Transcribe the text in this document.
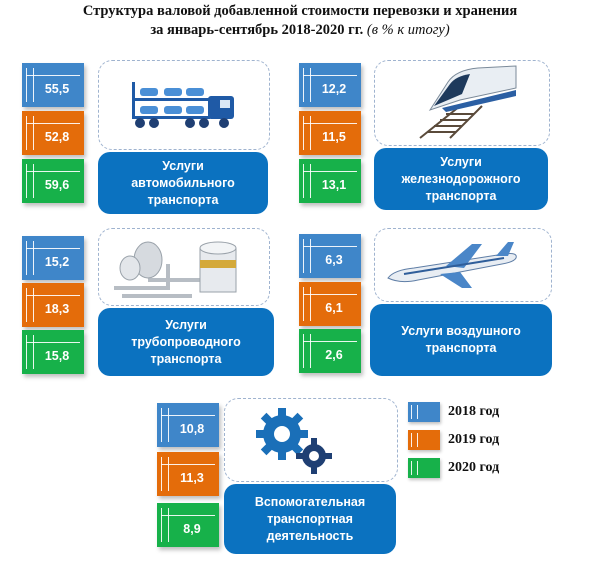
Структура валовой добавленной стоимости перевозки и хранения
за январь-сентябрь 2018-2020 гг. (в % к итогу)
55,5
52,8
59,6
Услуги
автомобильного
транспорта
12,2
11,5
13,1
Услуги
железнодорожного
транспорта
15,2
18,3
15,8
Услуги
трубопроводного
транспорта
6,3
6,1
2,6
Услуги воздушного
транспорта
10,8
11,3
8,9
Вспомогательная
транспортная
деятельность
2018 год
2019 год
2020 год
